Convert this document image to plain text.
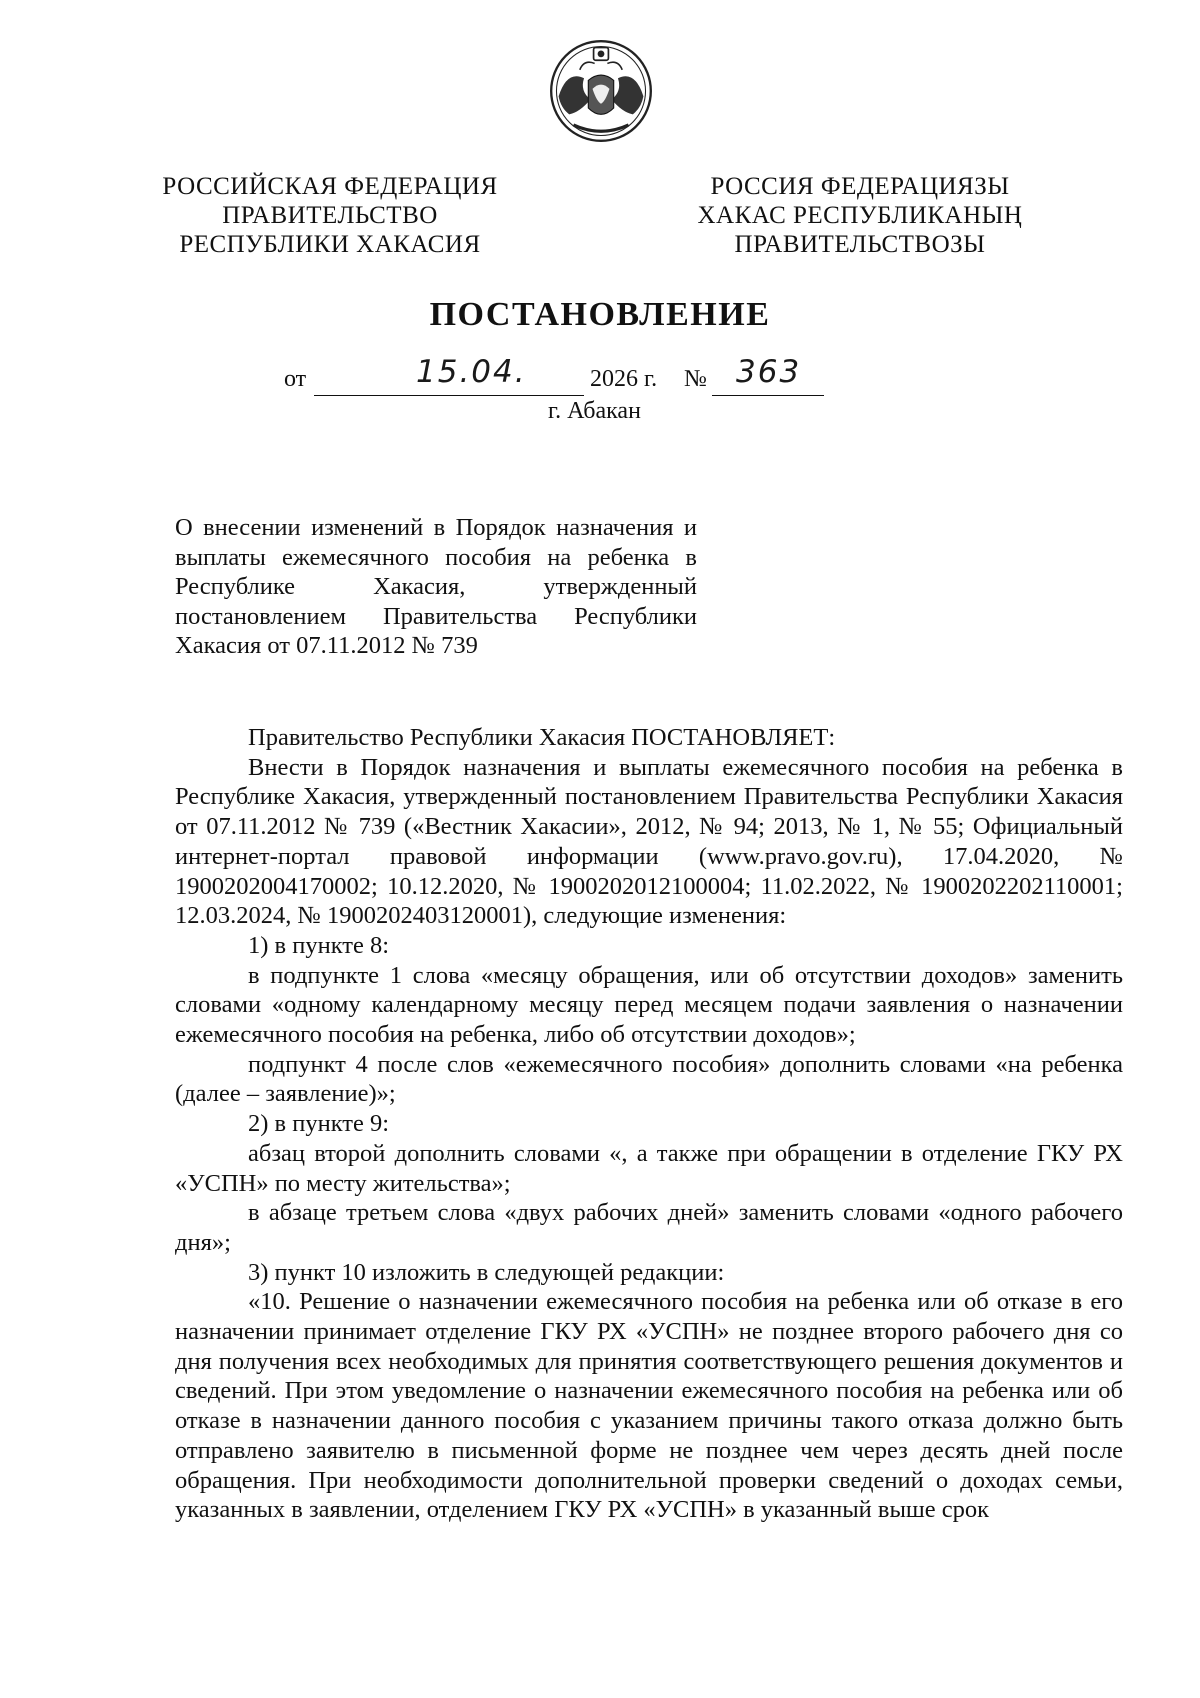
РОССИЙСКАЯ ФЕДЕРАЦИЯ
ПРАВИТЕЛЬСТВО
РЕСПУБЛИКИ ХАКАСИЯ
РОССИЯ ФЕДЕРАЦИЯЗЫ
ХАКАС РЕСПУБЛИКАНЫҢ
ПРАВИТЕЛЬСТВОЗЫ
ПОСТАНОВЛЕНИЕ
от	15.04.	2026 г. № 363
г. Абакан
О внесении изменений в Порядок назначения и выплаты ежемесячного пособия на ребенка в Республике Хакасия, утвержденный постановлением Правительства Республики Хакасия от 07.11.2012 № 739

Правительство Республики Хакасия ПОСТАНОВЛЯЕТ:

Внести в Порядок назначения и выплаты ежемесячного пособия на ребенка в Республике Хакасия, утвержденный постановлением Правительства Республики Хакасия от 07.11.2012 № 739 («Вестник Хакасии», 2012, № 94; 2013, № 1, № 55; Официальный интернет-портал правовой информации (www.pravo.gov.ru), 17.04.2020, № 1900202004170002; 10.12.2020, № 1900202012100004; 11.02.2022, № 1900202202110001; 12.03.2024, № 1900202403120001), следующие изменения:

1) в пункте 8:

в подпункте 1 слова «месяцу обращения, или об отсутствии доходов» заменить словами «одному календарному месяцу перед месяцем подачи заявления о назначении ежемесячного пособия на ребенка, либо об отсутствии доходов»;

подпункт 4 после слов «ежемесячного пособия» дополнить словами «на ребенка (далее – заявление)»;

2) в пункте 9:

абзац второй дополнить словами «, а также при обращении в отделение ГКУ РХ «УСПН» по месту жительства»;

в абзаце третьем слова «двух рабочих дней» заменить словами «одного рабочего дня»;

3) пункт 10 изложить в следующей редакции:

«10. Решение о назначении ежемесячного пособия на ребенка или об отказе в его назначении принимает отделение ГКУ РХ «УСПН» не позднее второго рабочего дня со дня получения всех необходимых для принятия соответствующего решения документов и сведений. При этом уведомление о назначении ежемесячного пособия на ребенка или об отказе в назначении данного пособия с указанием причины такого отказа должно быть отправлено заявителю в письменной форме не позднее чем через десять дней после обращения. При необходимости дополнительной проверки сведений о доходах семьи, указанных в заявлении, отделением ГКУ РХ «УСПН» в указанный выше срок
